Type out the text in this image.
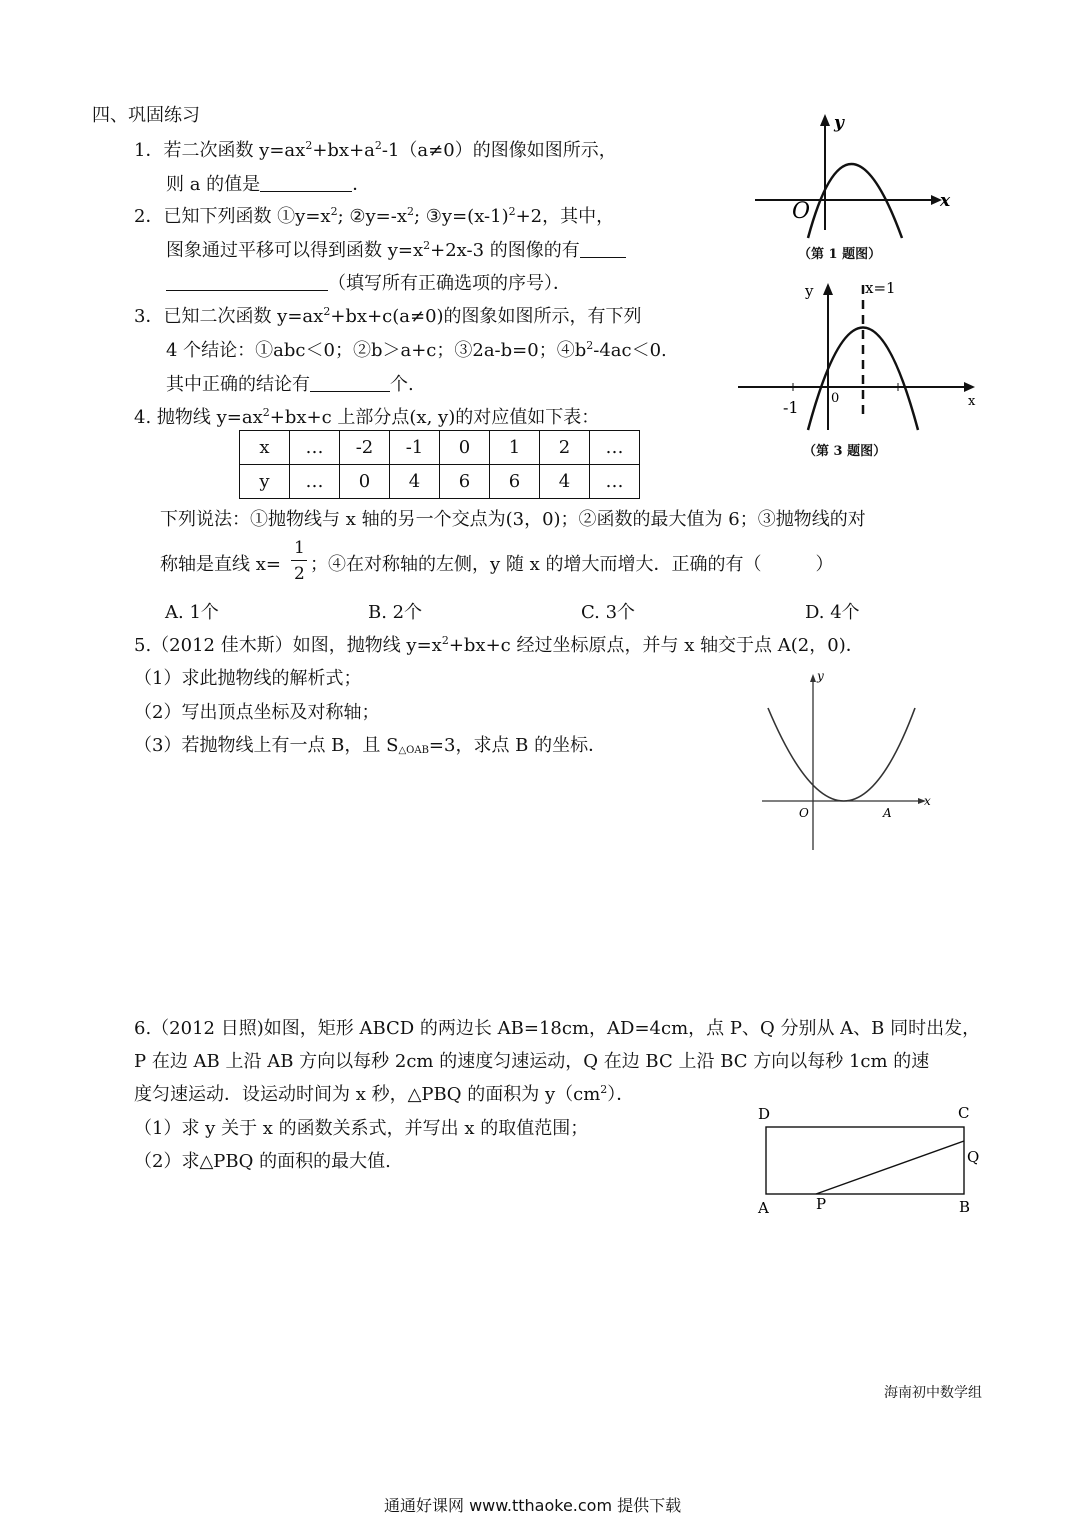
四、巩固练习
1．若二次函数 $y=ax^2+bx+a^2-1(a\ne 0)$的图像如图所示，
则 a 的值是	．
y
x
O
（第 1 题图）
2．已知下列函数 $①y=x^2$; $②y=-x^2$; $③y=(x-1)^2+2$，其中，
图象通过平移可以得到函数 $y=x^2+2x-3$ 的图像的有
（填写所有正确选项的序号）．
3．已知二次函数 $y=ax^2+bx+c(a\ne 0)$的图象如图所示，有下列
4 个结论：①abc＜0；②b＞a+c；③2a-b=0；$④b^2-4ac<0$.
其中正确的结论有	个.
y
x
x=1
-1 0
（第 3 题图）
4. 抛物线 $y=ax^2+bx+c$ 上部分点(x, y)的对应值如下表：
x	…	-2	-1	0	1	2	…
y	…	0	4	6	6	4	…
下列说法：①抛物线与 x 轴的另一个交点为(3，0)；②函数的最大值为 6；③抛物线的对
称轴是直线 x=
1
2 ；④在对称轴的左侧，y 随 x 的增大而增大．正确的有（　　　）
A. 1个	B. 2个	C. 3个	D. 4个
5.（2012 佳木斯）如图，抛物线 $y=x^2+bx+c$ 经过坐标原点，并与 x 轴交于点 A(2，0)．
（1）求此抛物线的解析式；
（2）写出顶点坐标及对称轴；
（3）若抛物线上有一点 B，且 $S_{\triangle OAB}=3$，求点 B 的坐标．
y
x
O	A
6.（2012 日照)如图，矩形 ABCD 的两边长 AB=18cm，AD=4cm，点 P、Q 分别从 A、B 同时出发，
P 在边 AB 上沿 AB 方向以每秒 2cm 的速度匀速运动，Q 在边 BC 上沿 BC 方向以每秒 1cm 的速
度匀速运动．设运动时间为 x 秒，△PBQ 的面积为 $y(cm^2)$．
（1）求 y 关于 x 的函数关系式，并写出 x 的取值范围；
（2）求△PBQ 的面积的最大值.
D	C
Q
A	P	B
海南初中数学组
通通好课网 www.tthaoke.com 提供下载
